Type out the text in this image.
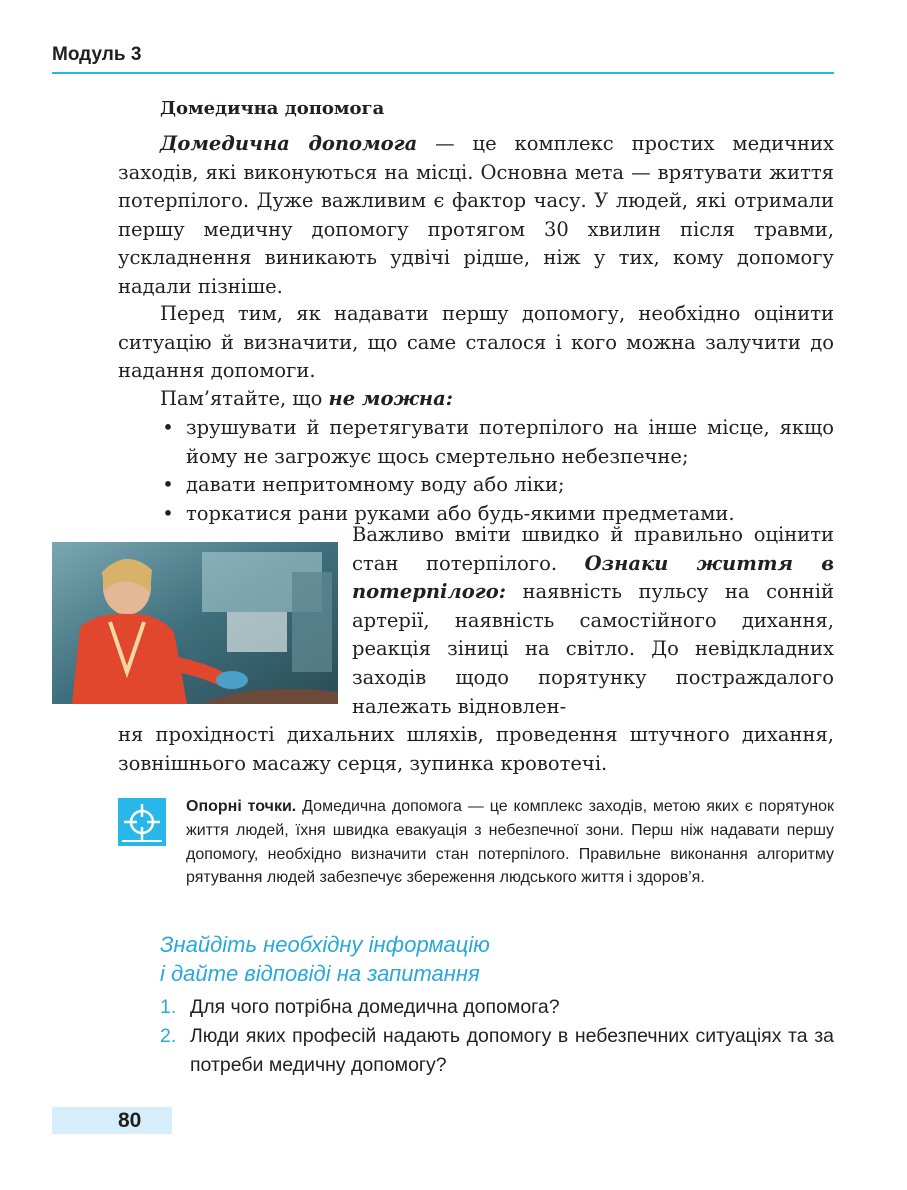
Модуль 3
Домедична допомога

Домедична допомога — це комплекс простих медичних заходів, які виконуються на місці. Основна мета — врятувати життя потерпілого. Дуже важливим є фактор часу. У людей, які отримали першу медичну допомогу протягом 30 хвилин після травми, ускладнення виникають удвічі рідше, ніж у тих, кому допомогу надали пізніше.

Перед тим, як надавати першу допомогу, необхідно оцінити ситуацію й визначити, що саме сталося і кого можна залучити до надання допомоги.

Пам’ятайте, що не можна:

• зрушувати й перетягувати потерпілого на інше місце, якщо йому не загрожує щось смертельно небезпечне;
• давати непритомному воду або ліки;
• торкатися рани руками або будь-якими предметами.

Важливо вміти швидко й правильно оцінити стан потерпілого. Ознаки життя в потерпілого: наявність пульсу на сонній артерії, наявність самостійного дихання, реакція зіниці на світло. До невідкладних заходів щодо порятунку постраждалого належать відновлен-

ня прохідності дихальних шляхів, проведення штучного дихання, зовнішнього масажу серця, зупинка кровотечі.

Опорні точки. Домедична допомога — це комплекс заходів, метою яких є порятунок життя людей, їхня швидка евакуація з небезпечної зони. Перш ніж надавати першу допомогу, необхідно визначити стан потерпілого. Правильне виконання алгоритму рятування людей забезпечує збереження людського життя і здоров’я.

Знайдіть необхідну інформацію
і дайте відповіді на запитання
1. Для чого потрібна домедична допомога?
2. Люди яких професій надають допомогу в небезпечних ситуаціях та за потреби медичну допомогу?
80
